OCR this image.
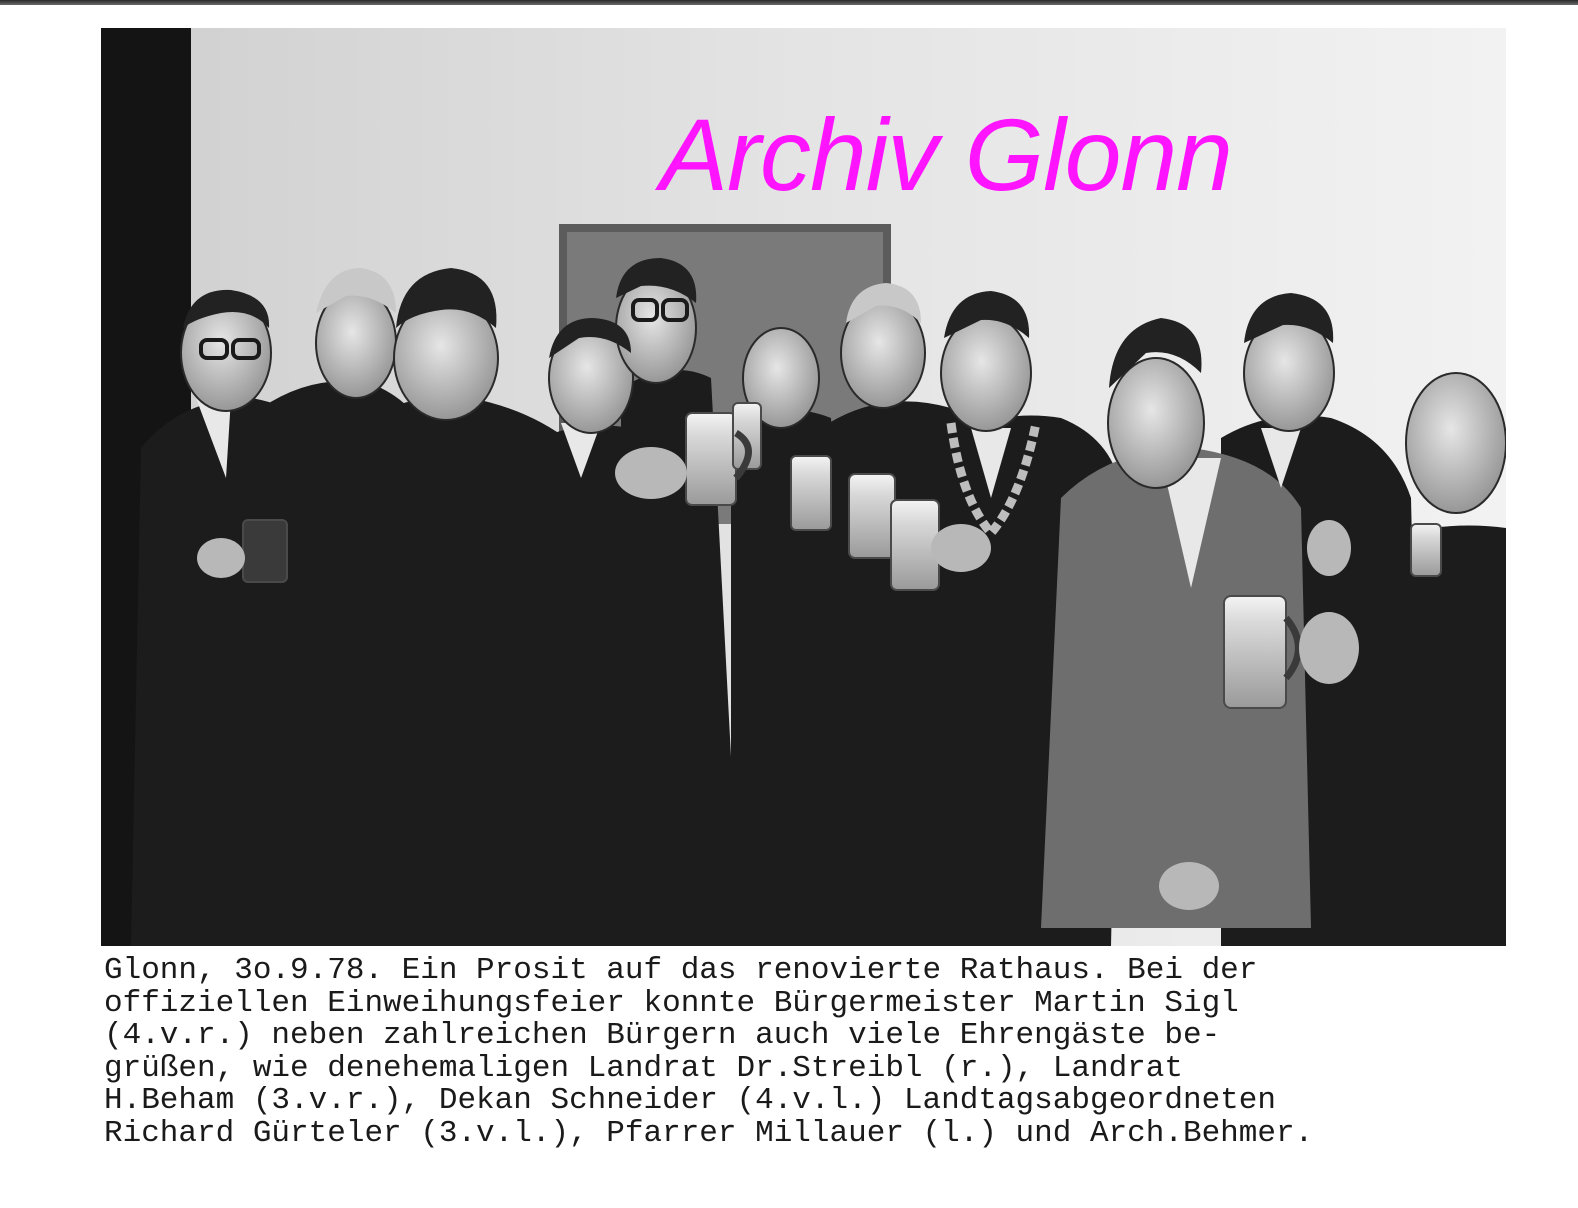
Archiv Glonn
Glonn, 3o.9.78. Ein Prosit auf das renovierte Rathaus. Bei der
offiziellen Einweihungsfeier konnte Bürgermeister Martin Sigl
(4.v.r.) neben zahlreichen Bürgern auch viele Ehrengäste be-
grüßen, wie denehemaligen Landrat Dr.Streibl (r.), Landrat
H.Beham (3.v.r.), Dekan Schneider (4.v.l.) Landtagsabgeordneten
Richard Gürteler (3.v.l.), Pfarrer Millauer (l.) und Arch.Behmer.
